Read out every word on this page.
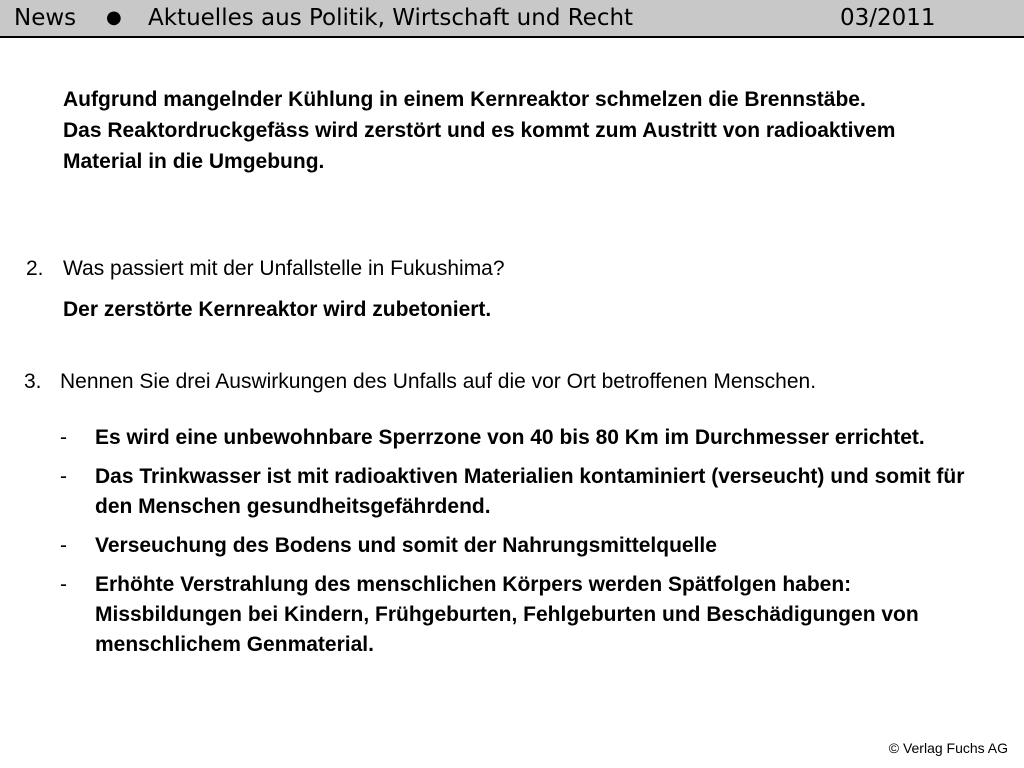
News ● Aktuelles aus Politik, Wirtschaft und Recht	03/2011

Aufgrund mangelnder Kühlung in einem Kernreaktor schmelzen die Brennstäbe.

Das Reaktordruckgefäss wird zerstört und es kommt zum Austritt von radioaktivem Material in die Umgebung.

2. Was passiert mit der Unfallstelle in Fukushima?
Der zerstörte Kernreaktor wird zubetoniert.
3. Nennen Sie drei Auswirkungen des Unfalls auf die vor Ort betroffenen Menschen.
- Es wird eine unbewohnbare Sperrzone von 40 bis 80 Km im Durchmesser errichtet.
- Das Trinkwasser ist mit radioaktiven Materialien kontaminiert (verseucht) und somit für den Menschen gesundheitsgefährdend.
- Verseuchung des Bodens und somit der Nahrungsmittelquelle
- Erhöhte Verstrahlung des menschlichen Körpers werden Spätfolgen haben: Missbildungen bei Kindern, Frühgeburten, Fehlgeburten und Beschädigungen von menschlichem Genmaterial.
© Verlag Fuchs AG
